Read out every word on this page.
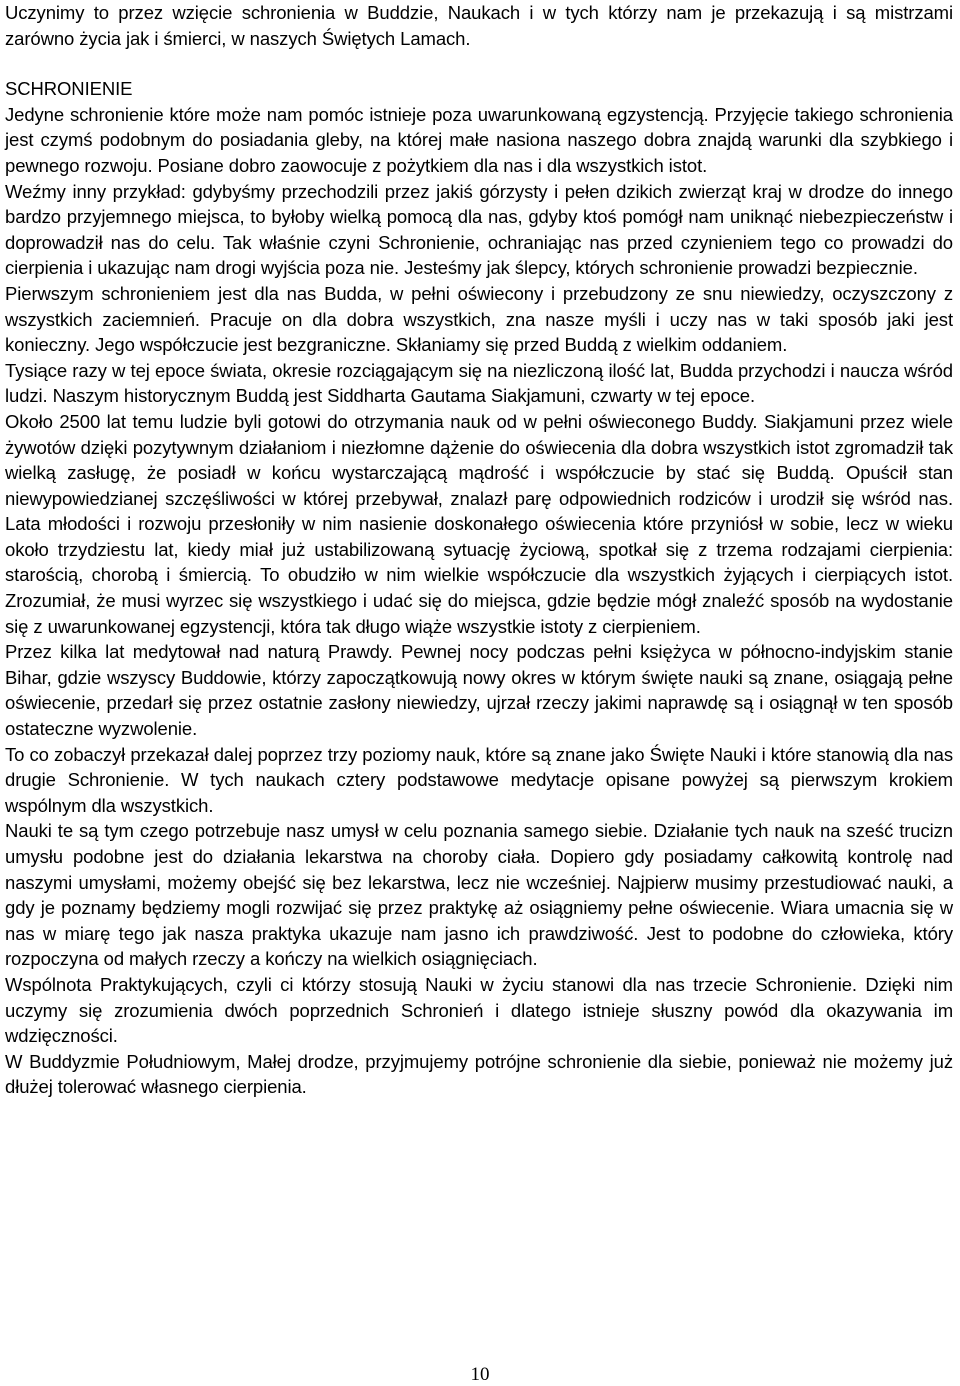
Uczynimy to przez wzięcie schronienia w Buddzie, Naukach i w tych którzy nam je przekazują i są mistrzami zarówno życia jak i śmierci, w naszych Świętych Lamach.

SCHRONIENIE

Jedyne schronienie które może nam pomóc istnieje poza uwarunkowaną egzystencją. Przyjęcie takiego schronienia jest czymś podobnym do posiadania gleby, na której małe nasiona naszego dobra znajdą warunki dla szybkiego i pewnego rozwoju. Posiane dobro zaowocuje z pożytkiem dla nas i dla wszystkich istot.

Weźmy inny przykład: gdybyśmy przechodzili przez jakiś górzysty i pełen dzikich zwierząt kraj w drodze do innego bardzo przyjemnego miejsca, to byłoby wielką pomocą dla nas, gdyby ktoś pomógł nam uniknąć niebezpieczeństw i doprowadził nas do celu. Tak właśnie czyni Schronienie, ochraniając nas przed czynieniem tego co prowadzi do cierpienia i ukazując nam drogi wyjścia poza nie. Jesteśmy jak ślepcy, których schronienie prowadzi bezpiecznie.

Pierwszym schronieniem jest dla nas Budda, w pełni oświecony i przebudzony ze snu niewiedzy, oczyszczony z wszystkich zaciemnień. Pracuje on dla dobra wszystkich, zna nasze myśli i uczy nas w taki sposób jaki jest konieczny. Jego współczucie jest bezgraniczne. Skłaniamy się przed Buddą z wielkim oddaniem.

Tysiące razy w tej epoce świata, okresie rozciągającym się na niezliczoną ilość lat, Budda przychodzi i naucza wśród ludzi. Naszym historycznym Buddą jest Siddharta Gautama Siakjamuni, czwarty w tej epoce.

Około 2500 lat temu ludzie byli gotowi do otrzymania nauk od w pełni oświeconego Buddy. Siakjamuni przez wiele żywotów dzięki pozytywnym działaniom i niezłomne dążenie do oświecenia dla dobra wszystkich istot zgromadził tak wielką zasługę, że posiadł w końcu wystarczającą mądrość i współczucie by stać się Buddą. Opuścił stan niewypowiedzianej szczęśliwości w której przebywał, znalazł parę odpowiednich rodziców i urodził się wśród nas. Lata młodości i rozwoju przesłoniły w nim nasienie doskonałego oświecenia które przyniósł w sobie, lecz w wieku około trzydziestu lat, kiedy miał już ustabilizowaną sytuację życiową, spotkał się z trzema rodzajami cierpienia: starością, chorobą i śmiercią. To obudziło w nim wielkie współczucie dla wszystkich żyjących i cierpiących istot. Zrozumiał, że musi wyrzec się wszystkiego i udać się do miejsca, gdzie będzie mógł znaleźć sposób na wydostanie się z uwarunkowanej egzystencji, która tak długo wiąże wszystkie istoty z cierpieniem.

Przez kilka lat medytował nad naturą Prawdy. Pewnej nocy podczas pełni księżyca w północno-indyjskim stanie Bihar, gdzie wszyscy Buddowie, którzy zapoczątkowują nowy okres w którym święte nauki są znane, osiągają pełne oświecenie, przedarł się przez ostatnie zasłony niewiedzy, ujrzał rzeczy jakimi naprawdę są i osiągnął w ten sposób ostateczne wyzwolenie.

To co zobaczył przekazał dalej poprzez trzy poziomy nauk, które są znane jako Święte Nauki i które stanowią dla nas drugie Schronienie. W tych naukach cztery podstawowe medytacje opisane powyżej są pierwszym krokiem wspólnym dla wszystkich.

Nauki te są tym czego potrzebuje nasz umysł w celu poznania samego siebie. Działanie tych nauk na sześć trucizn umysłu podobne jest do działania lekarstwa na choroby ciała. Dopiero gdy posiadamy całkowitą kontrolę nad naszymi umysłami, możemy obejść się bez lekarstwa, lecz nie wcześniej. Najpierw musimy przestudiować nauki, a gdy je poznamy będziemy mogli rozwijać się przez praktykę aż osiągniemy pełne oświecenie. Wiara umacnia się w nas w miarę tego jak nasza praktyka ukazuje nam jasno ich prawdziwość. Jest to podobne do człowieka, który rozpoczyna od małych rzeczy a kończy na wielkich osiągnięciach.

Wspólnota Praktykujących, czyli ci którzy stosują Nauki w życiu stanowi dla nas trzecie Schronienie. Dzięki nim uczymy się zrozumienia dwóch poprzednich Schronień i dlatego istnieje słuszny powód dla okazywania im wdzięczności.

W Buddyzmie Południowym, Małej drodze, przyjmujemy potrójne schronienie dla siebie, ponieważ nie możemy już dłużej tolerować własnego cierpienia.

10
